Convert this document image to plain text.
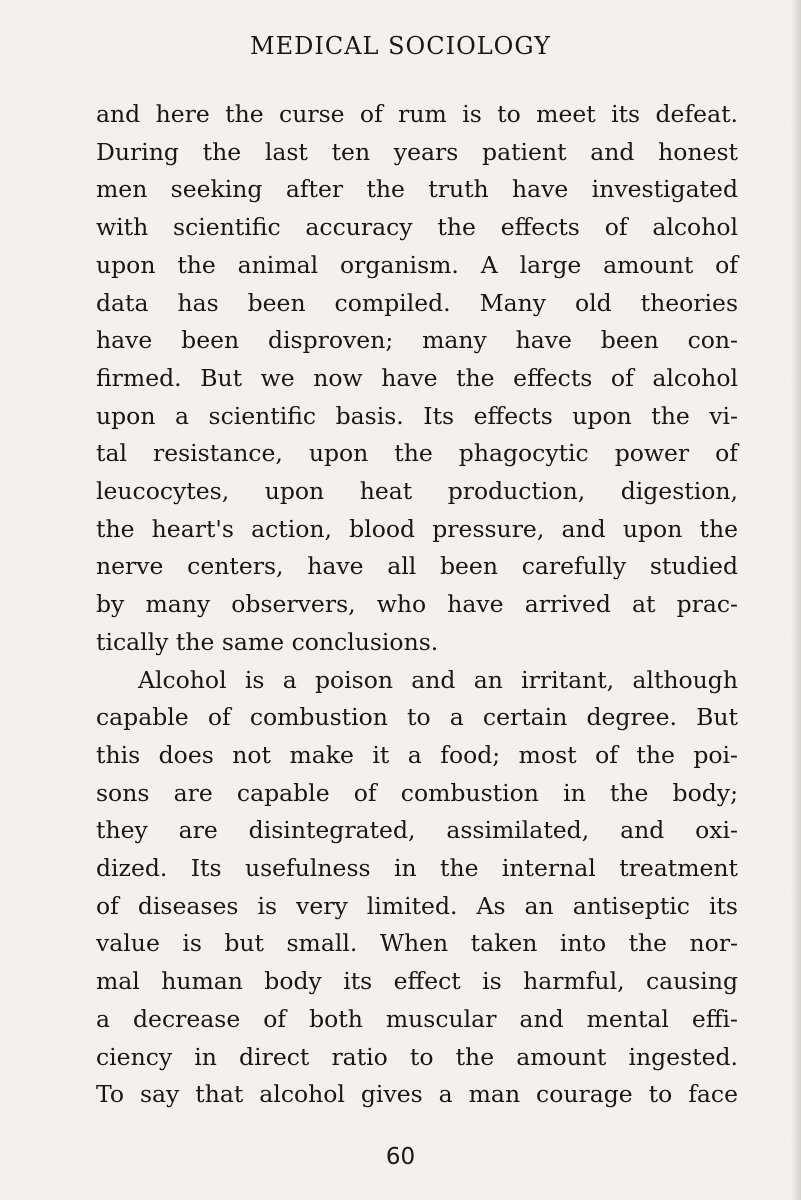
MEDICAL SOCIOLOGY

and here the curse of rum is to meet its defeat.
During the last ten years patient and honest
men seeking after the truth have investigated
with scientific accuracy the effects of alcohol
upon the animal organism. A large amount of
data has been compiled. Many old theories
have been disproven; many have been con-
firmed. But we now have the effects of alcohol
upon a scientific basis. Its effects upon the vi-
tal resistance, upon the phagocytic power of
leucocytes, upon heat production, digestion,
the heart's action, blood pressure, and upon the
nerve centers, have all been carefully studied
by many observers, who have arrived at prac-
tically the same conclusions.

Alcohol is a poison and an irritant, although
capable of combustion to a certain degree. But
this does not make it a food; most of the poi-
sons are capable of combustion in the body;
they are disintegrated, assimilated, and oxi-
dized. Its usefulness in the internal treatment
of diseases is very limited. As an antiseptic its
value is but small. When taken into the nor-
mal human body its effect is harmful, causing
a decrease of both muscular and mental effi-
ciency in direct ratio to the amount ingested.
To say that alcohol gives a man courage to face

60
